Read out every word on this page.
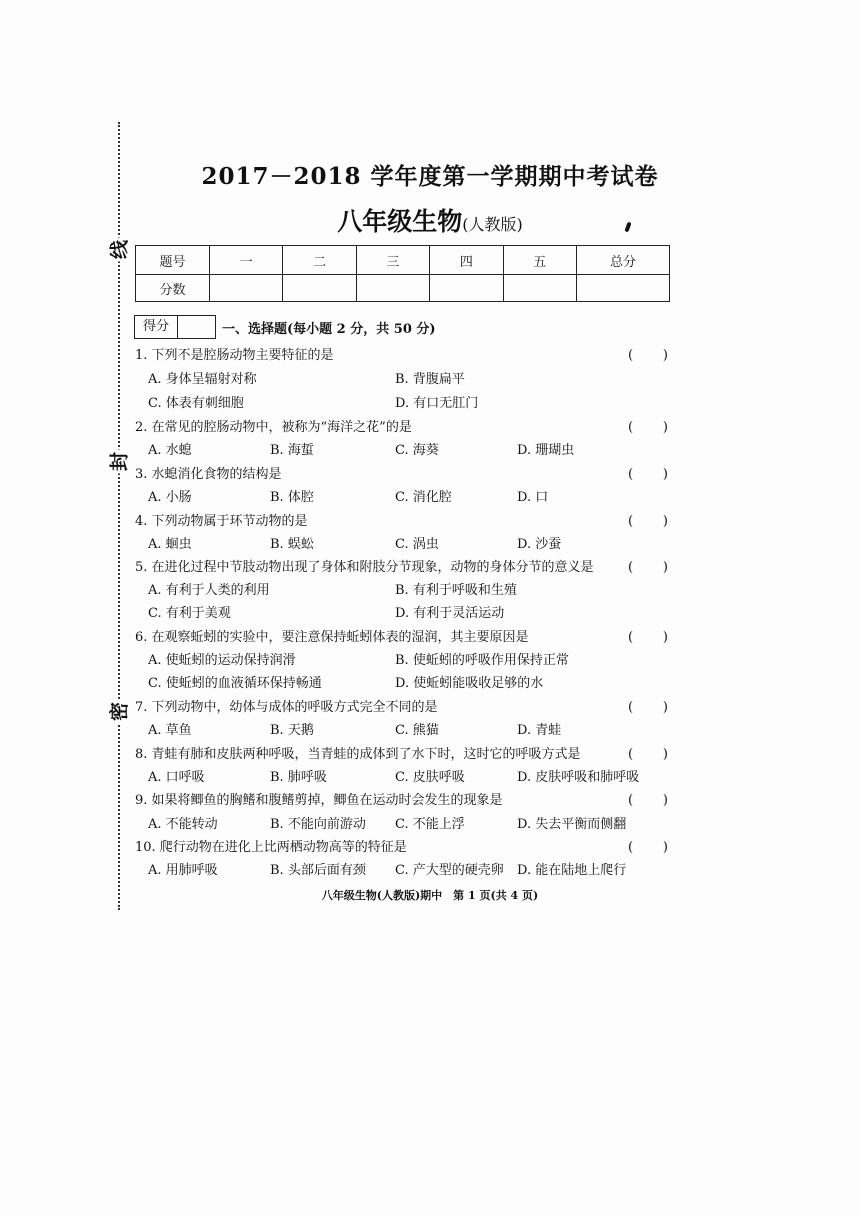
线
封
密
2017－2018 学年度第一学期期中考试卷
八年级生物(人教版)
题号	一	二	三	四	五	总分
分数						
得分	一、选择题(每小题 2 分，共 50 分)
1. 下列不是腔肠动物主要特征的是
A. 身体呈辐射对称	B. 背腹扁平
C. 体表有刺细胞	D. 有口无肛门
2. 在常见的腔肠动物中，被称为“海洋之花”的是
A. 水螅	B. 海蜇	C. 海葵	D. 珊瑚虫
3. 水螅消化食物的结构是
A. 小肠	B. 体腔	C. 消化腔	D. 口
4. 下列动物属于环节动物的是
A. 蛔虫	B. 蜈蚣	C. 涡虫	D. 沙蚕
5. 在进化过程中节肢动物出现了身体和附肢分节现象，动物的身体分节的意义是
A. 有利于人类的利用	B. 有利于呼吸和生殖
C. 有利于美观	D. 有利于灵活运动
6. 在观察蚯蚓的实验中，要注意保持蚯蚓体表的湿润，其主要原因是
A. 使蚯蚓的运动保持润滑	B. 使蚯蚓的呼吸作用保持正常
C. 使蚯蚓的血液循环保持畅通	D. 使蚯蚓能吸收足够的水
7. 下列动物中，幼体与成体的呼吸方式完全不同的是
A. 草鱼	B. 天鹅	C. 熊猫	D. 青蛙
8. 青蛙有肺和皮肤两种呼吸，当青蛙的成体到了水下时，这时它的呼吸方式是
A. 口呼吸	B. 肺呼吸	C. 皮肤呼吸	D. 皮肤呼吸和肺呼吸
9. 如果将鲫鱼的胸鳍和腹鳍剪掉，鲫鱼在运动时会发生的现象是
A. 不能转动	B. 不能向前游动 C. 不能上浮	D. 失去平衡而侧翻
10. 爬行动物在进化上比两栖动物高等的特征是
A. 用肺呼吸	B. 头部后面有颈 C. 产大型的硬壳卵 D. 能在陆地上爬行
八年级生物(人教版)期中　第 1 页(共 4 页)
